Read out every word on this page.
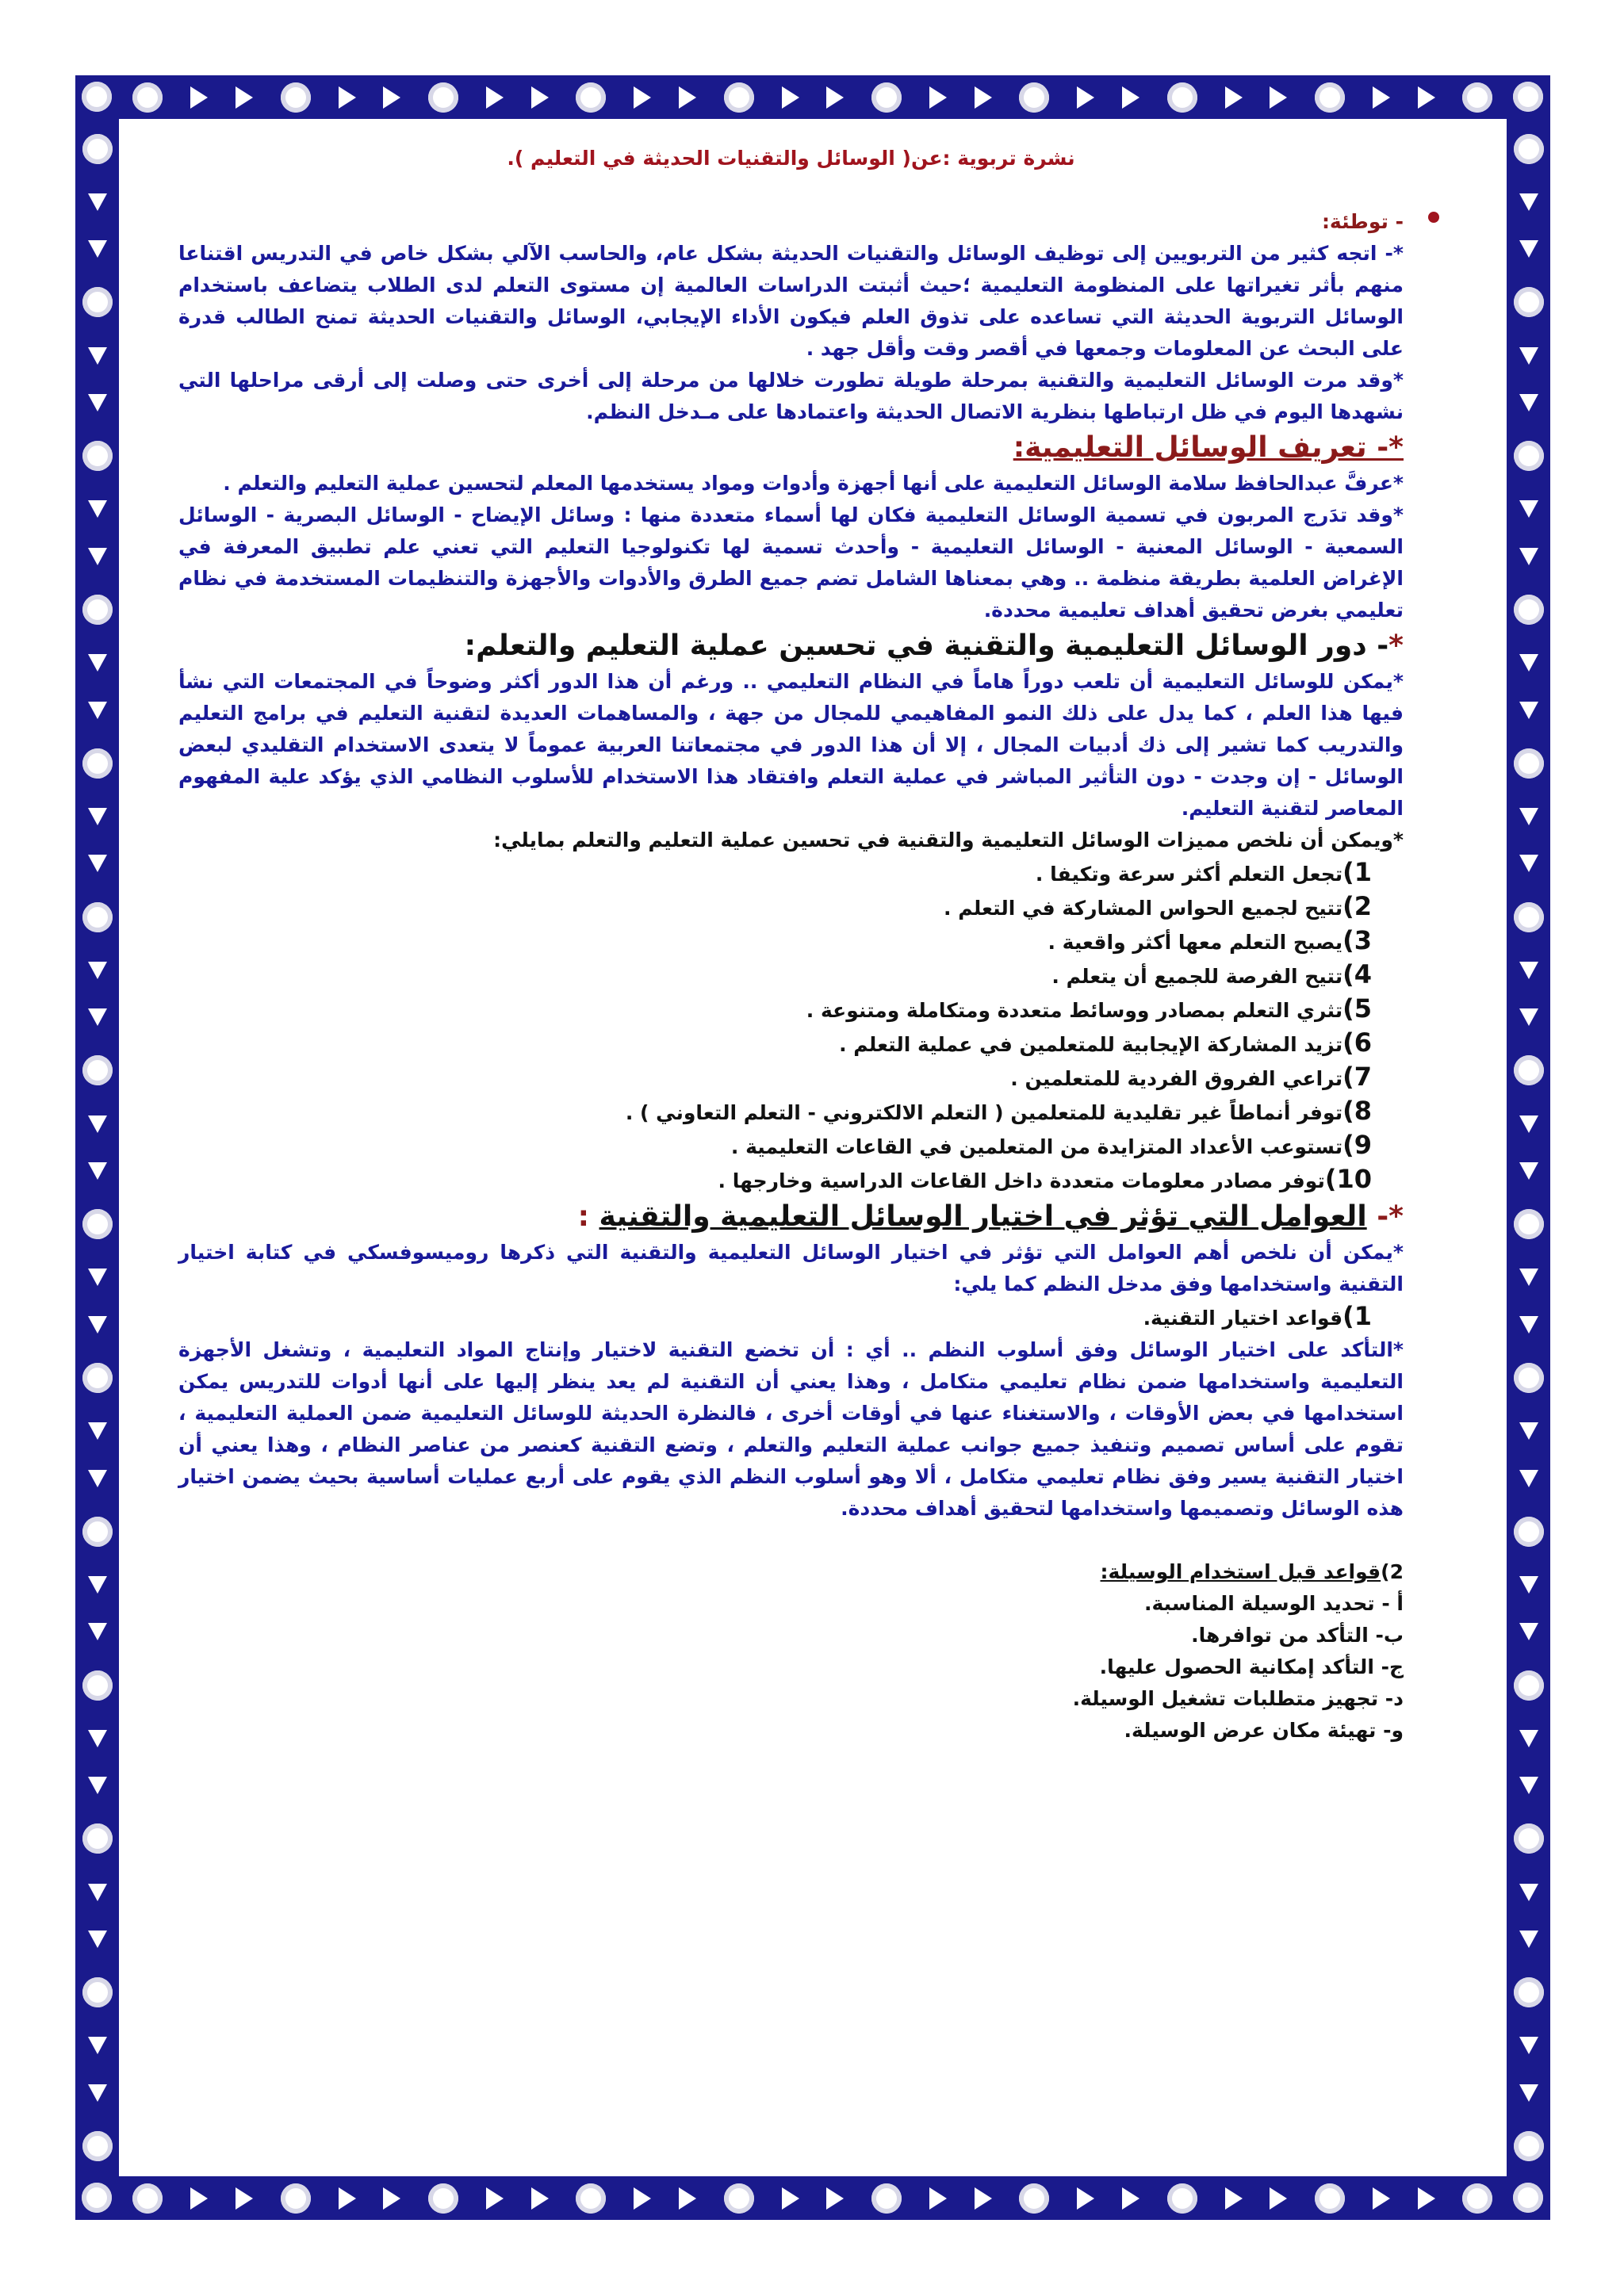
نشرة تربوية :عن( الوسائل والتقنيات الحديثة في التعليم ).

- توطئة:

*- اتجه كثير من التربويين إلى توظيف الوسائل والتقنيات الحديثة بشكل عام، والحاسب الآلي بشكل خاص في التدريس اقتناعا منهم بأثر تغيراتها على المنظومة التعليمية ؛حيث أثبتت الدراسات العالمية إن مستوى التعلم لدى الطلاب يتضاعف باستخدام الوسائل التربوية الحديثة التي تساعده على تذوق العلم فيكون الأداء الإيجابي، الوسائل والتقنيات الحديثة تمنح الطالب قدرة على البحث عن المعلومات وجمعها في أقصر وقت وأقل جهد .

*وقد مرت الوسائل التعليمية والتقنية بمرحلة طويلة تطورت خلالها من مرحلة إلى أخرى حتى وصلت إلى أرقى مراحلها التي نشهدها اليوم في ظل ارتباطها بنظرية الاتصال الحديثة واعتمادها على مـدخل النظم.

*- تعريف الوسائل التعليمية:

*عرفَّ عبدالحافظ سلامة الوسائل التعليمية على أنها أجهزة وأدوات ومواد يستخدمها المعلم لتحسين عملية التعليم والتعلم .

*وقد تدَرج المربون في تسمية الوسائل التعليمية فكان لها أسماء متعددة منها : وسائل الإيضاح - الوسائل البصرية - الوسائل السمعية - الوسائل المعنية - الوسائل التعليمية - وأحدث تسمية لها تكنولوجيا التعليم التي تعني علم تطبيق المعرفة في الإغراض العلمية بطريقة منظمة .. وهي بمعناها الشامل تضم جميع الطرق والأدوات والأجهزة والتنظيمات المستخدمة في نظام تعليمي بغرض تحقيق أهداف تعليمية محددة.

*- دور الوسائل التعليمية والتقنية في تحسين عملية التعليم والتعلم:

*يمكن للوسائل التعليمية أن تلعب دوراً هاماً في النظام التعليمي .. ورغم أن هذا الدور أكثر وضوحاً في المجتمعات التي نشأ فيها هذا العلم ، كما يدل على ذلك النمو المفاهيمي للمجال من جهة ، والمساهمات العديدة لتقنية التعليم في برامج التعليم والتدريب كما تشير إلى ذك أدبيات المجال ، إلا أن هذا الدور في مجتمعاتنا العربية عموماً لا يتعدى الاستخدام التقليدي لبعض الوسائل - إن وجدت - دون التأثير المباشر في عملية التعلم وافتقاد هذا الاستخدام للأسلوب النظامي الذي يؤكد علية المفهوم المعاصر لتقنية التعليم.

*ويمكن أن نلخص مميزات الوسائل التعليمية والتقنية في تحسين عملية التعليم والتعلم بمايلي:

1)تجعل التعلم أكثر سرعة وتكيفا .
2)تتيح لجميع الحواس المشاركة في التعلم .
3)يصبح التعلم معها أكثر واقعية .
4)تتيح الفرصة للجميع أن يتعلم .
5)تثري التعلم بمصادر ووسائط متعددة ومتكاملة ومتنوعة .
6)تزيد المشاركة الإيجابية للمتعلمين في عملية التعلم .
7)تراعي الفروق الفردية للمتعلمين .
8)توفر أنماطاً غير تقليدية للمتعلمين ( التعلم الالكتروني - التعلم التعاوني ) .
9)تستوعب الأعداد المتزايدة من المتعلمين في القاعات التعليمية .
10)توفر مصادر معلومات متعددة داخل القاعات الدراسية وخارجها .

*- العوامل التي تؤثر في اختيار الوسائل التعليمية والتقنية :

*يمكن أن نلخص أهم العوامل التي تؤثر في اختيار الوسائل التعليمية والتقنية التي ذكرها روميسوفسكي في كتابة اختيار التقنية واستخدامها وفق مدخل النظم كما يلي:

1)قواعد اختيار التقنية.

*التأكد على اختيار الوسائل وفق أسلوب النظم .. أي : أن تخضع التقنية لاختيار وإنتاج المواد التعليمية ، وتشغل الأجهزة التعليمية واستخدامها ضمن نظام تعليمي متكامل ، وهذا يعني أن التقنية لم يعد ينظر إليها على أنها أدوات للتدريس يمكن استخدامها في بعض الأوقات ، والاستغناء عنها في أوقات أخرى ، فالنظرة الحديثة للوسائل التعليمية ضمن العملية التعليمية ، تقوم على أساس تصميم وتنفيذ جميع جوانب عملية التعليم والتعلم ، وتضع التقنية كعنصر من عناصر النظام ، وهذا يعني أن اختيار التقنية يسير وفق نظام تعليمي متكامل ، ألا وهو أسلوب النظم الذي يقوم على أربع عمليات أساسية بحيث يضمن اختيار هذه الوسائل وتصميمها واستخدامها لتحقيق أهداف محددة.

2)قواعد قبل استخدام الوسيلة:

أ - تحديد الوسيلة المناسبة.

ب- التأكد من توافرها.

ج- التأكد إمكانية الحصول عليها.

د- تجهيز متطلبات تشغيل الوسيلة.

و- تهيئة مكان عرض الوسيلة.
